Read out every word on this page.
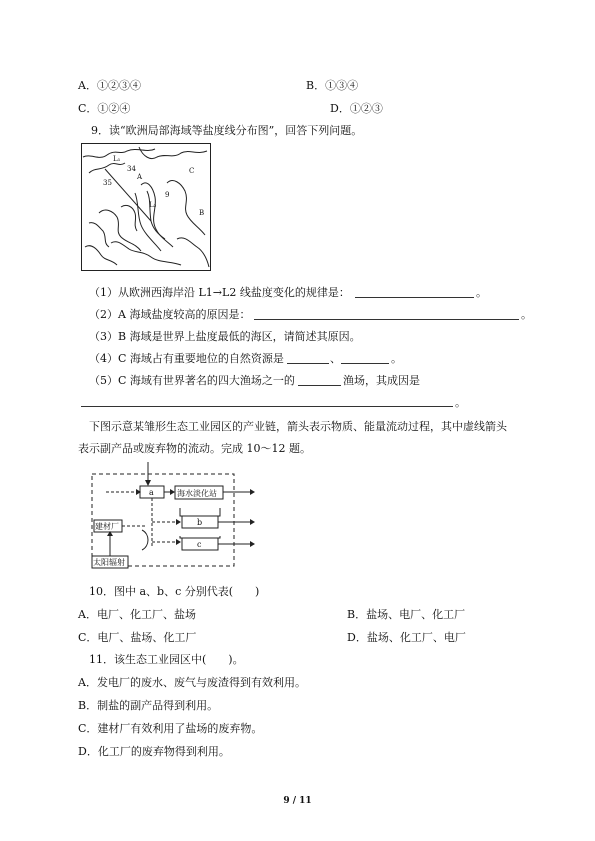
A．①②③④	B．①③④
C．①②④	D．①②③
9．读“欧洲局部海域等盐度线分布图”，回答下列问题。
L₁
L₂
A
B
C
35
34
9
（1）从欧洲西海岸沿 L1→L2 线盐度变化的规律是：	。
（2）A 海域盐度较高的原因是：	。
（3）B 海域是世界上盐度最低的海区，请简述其原因。
（4）C 海域占有重要地位的自然资源是	、	。
（5）C 海域有世界著名的四大渔场之一的	渔场，其成因是
。
下图示意某雏形生态工业园区的产业链，箭头表示物质、能量流动过程，其中虚线箭头
表示副产品或废弃物的流动。完成 10～12 题。
a	海水淡化站
b
c
建材厂
太阳辐射
10．图中 a、b、c 分别代表(　　)
A．电厂、化工厂、盐场	B．盐场、电厂、化工厂
C．电厂、盐场、化工厂	D．盐场、化工厂、电厂
11．该生态工业园区中(　　)。
A．发电厂的废水、废气与废渣得到有效利用。
B．制盐的副产品得到利用。
C．建材厂有效利用了盐场的废弃物。
D．化工厂的废弃物得到利用。
9 / 11
